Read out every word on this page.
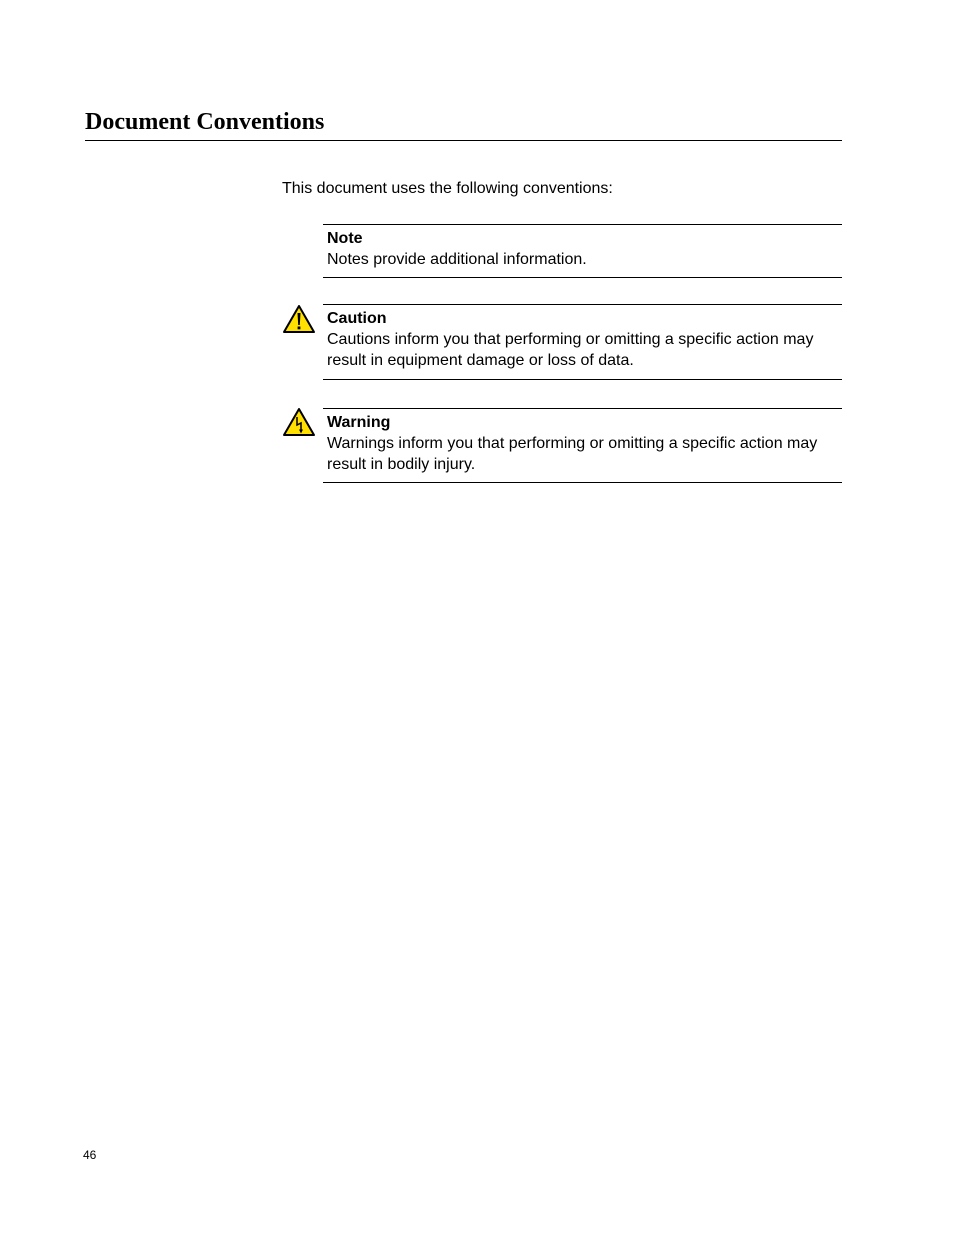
Document Conventions
This document uses the following conventions:
Note
Notes provide additional information.
Caution
Cautions inform you that performing or omitting a specific action may result in equipment damage or loss of data.
Warning
Warnings inform you that performing or omitting a specific action may result in bodily injury.
46
